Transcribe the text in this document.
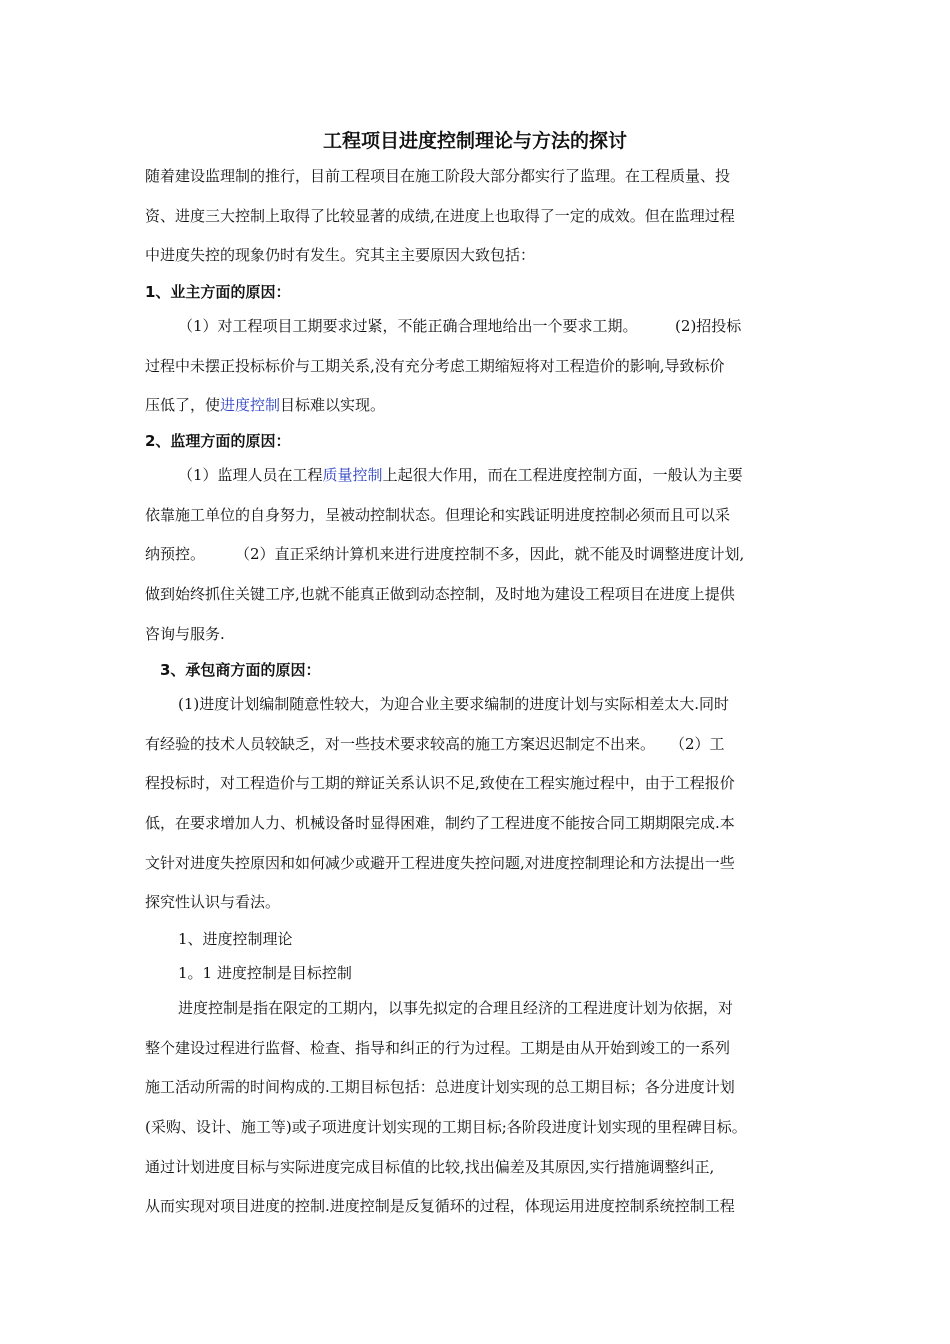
工程项目进度控制理论与方法的探讨
随着建设监理制的推行，目前工程项目在施工阶段大部分都实行了监理。在工程质量、投
资、进度三大控制上取得了比较显著的成绩,在进度上也取得了一定的成效。但在监理过程
中进度失控的现象仍时有发生。究其主主要原因大致包括：
1、业主方面的原因：
（1）对工程项目工期要求过紧，不能正确合理地给出一个要求工期。　　　(2)招投标
过程中未摆正投标标价与工期关系,没有充分考虑工期缩短将对工程造价的影响,导致标价
压低了，使进度控制目标难以实现。
2、监理方面的原因：
（1）监理人员在工程质量控制上起很大作用，而在工程进度控制方面，一般认为主要
依靠施工单位的自身努力，呈被动控制状态。但理论和实践证明进度控制必须而且可以采
纳预控。　　　（2）直正采纳计算机来进行进度控制不多，因此，就不能及时调整进度计划,
做到始终抓住关键工序,也就不能真正做到动态控制，及时地为建设工程项目在进度上提供
咨询与服务.
3、承包商方面的原因：
(1)进度计划编制随意性较大，为迎合业主要求编制的进度计划与实际相差太大.同时
有经验的技术人员较缺乏，对一些技术要求较高的施工方案迟迟制定不出来。　　（2）工
程投标时，对工程造价与工期的辩证关系认识不足,致使在工程实施过程中，由于工程报价
低，在要求增加人力、机械设备时显得困难，制约了工程进度不能按合同工期期限完成.本
文针对进度失控原因和如何减少或避开工程进度失控问题,对进度控制理论和方法提出一些
探究性认识与看法。
1、进度控制理论
1。1 进度控制是目标控制
进度控制是指在限定的工期内，以事先拟定的合理且经济的工程进度计划为依据，对
整个建设过程进行监督、检查、指导和纠正的行为过程。工期是由从开始到竣工的一系列
施工活动所需的时间构成的.工期目标包括：总进度计划实现的总工期目标；各分进度计划
(采购、设计、施工等)或子项进度计划实现的工期目标;各阶段进度计划实现的里程碑目标。
通过计划进度目标与实际进度完成目标值的比较,找出偏差及其原因,实行措施调整纠正,
从而实现对项目进度的控制.进度控制是反复循环的过程，体现运用进度控制系统控制工程
